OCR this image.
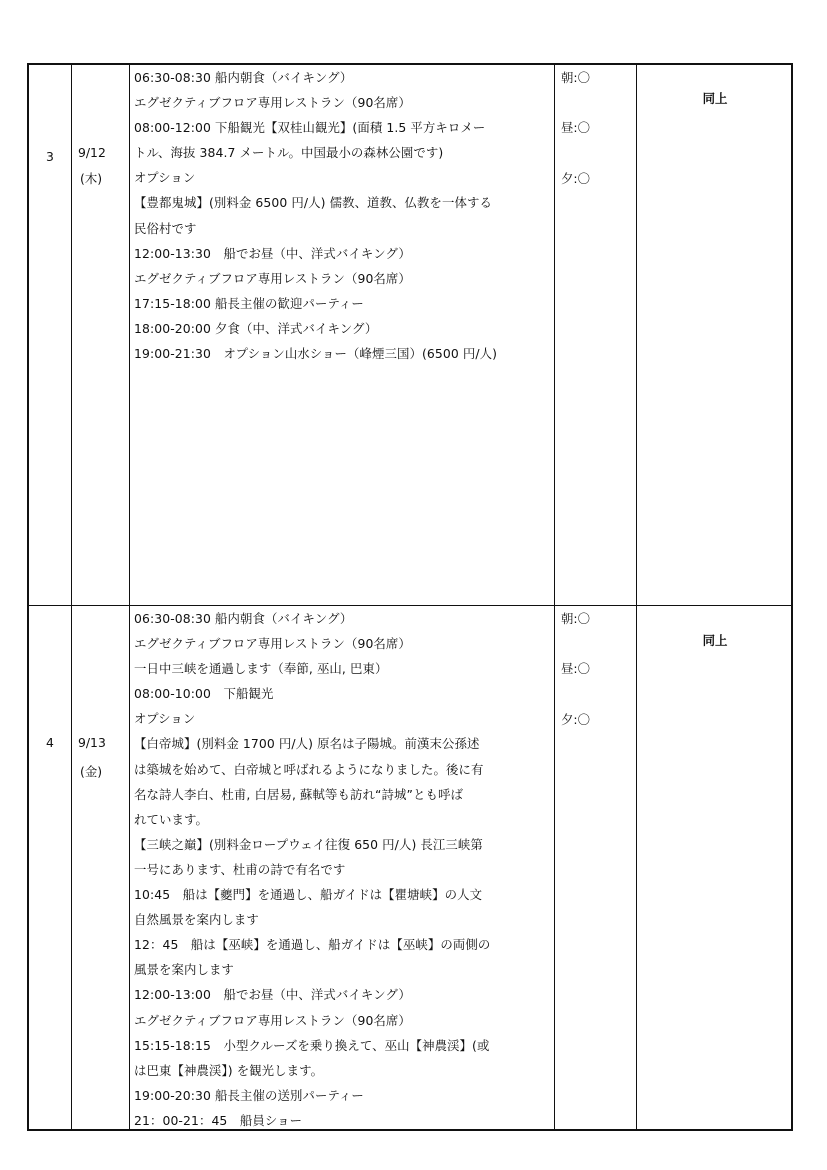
3 9/12
(木)
06:30-08:30 船内朝食（バイキング）
エグゼクティブフロア専用レストラン（90名席）
08:00-12:00 下船観光【双桂山観光】(面積 1.5 平方キロメー
トル、海抜 384.7 メートル。中国最小の森林公園です)
オプション
【豊都鬼城】(別料金 6500 円/人) 儒教、道教、仏教を一体する
民俗村です
12:00-13:30　船でお昼（中、洋式バイキング）
エグゼクティブフロア専用レストラン（90名席）
17:15-18:00 船長主催の歓迎パーティー
18:00-20:00 夕食（中、洋式バイキング）
19:00-21:30　オプション山水ショー（峰煙三国）(6500 円/人)
朝:〇
昼:〇
夕:〇
同上
4 9/13
(金)
06:30-08:30 船内朝食（バイキング）
エグゼクティブフロア専用レストラン（90名席）
一日中三峡を通過します（奉節, 巫山, 巴東）
08:00-10:00　下船観光
オプション
【白帝城】(別料金 1700 円/人) 原名は子陽城。前漢末公孫述
は築城を始めて、白帝城と呼ばれるようになりました。後に有
名な詩人李白、杜甫, 白居易, 蘇軾等も訪れ“詩城”とも呼ば
れています。
【三峡之巔】(別料金ロープウェイ往復 650 円/人) 長江三峡第
一号にあります、杜甫の詩で有名です
10:45　船は【夔門】を通過し、船ガイドは【瞿塘峡】の人文
自然風景を案内します
12：45　船は【巫峡】を通過し、船ガイドは【巫峡】の両側の
風景を案内します
12:00-13:00　船でお昼（中、洋式バイキング）
エグゼクティブフロア専用レストラン（90名席）
15:15-18:15　小型クルーズを乗り換えて、巫山【神農渓】(或
は巴東【神農渓】) を観光します。
19:00-20:30 船長主催の送別パーティー
21：00-21：45　船員ショー
朝:〇
昼:〇
夕:〇
同上
